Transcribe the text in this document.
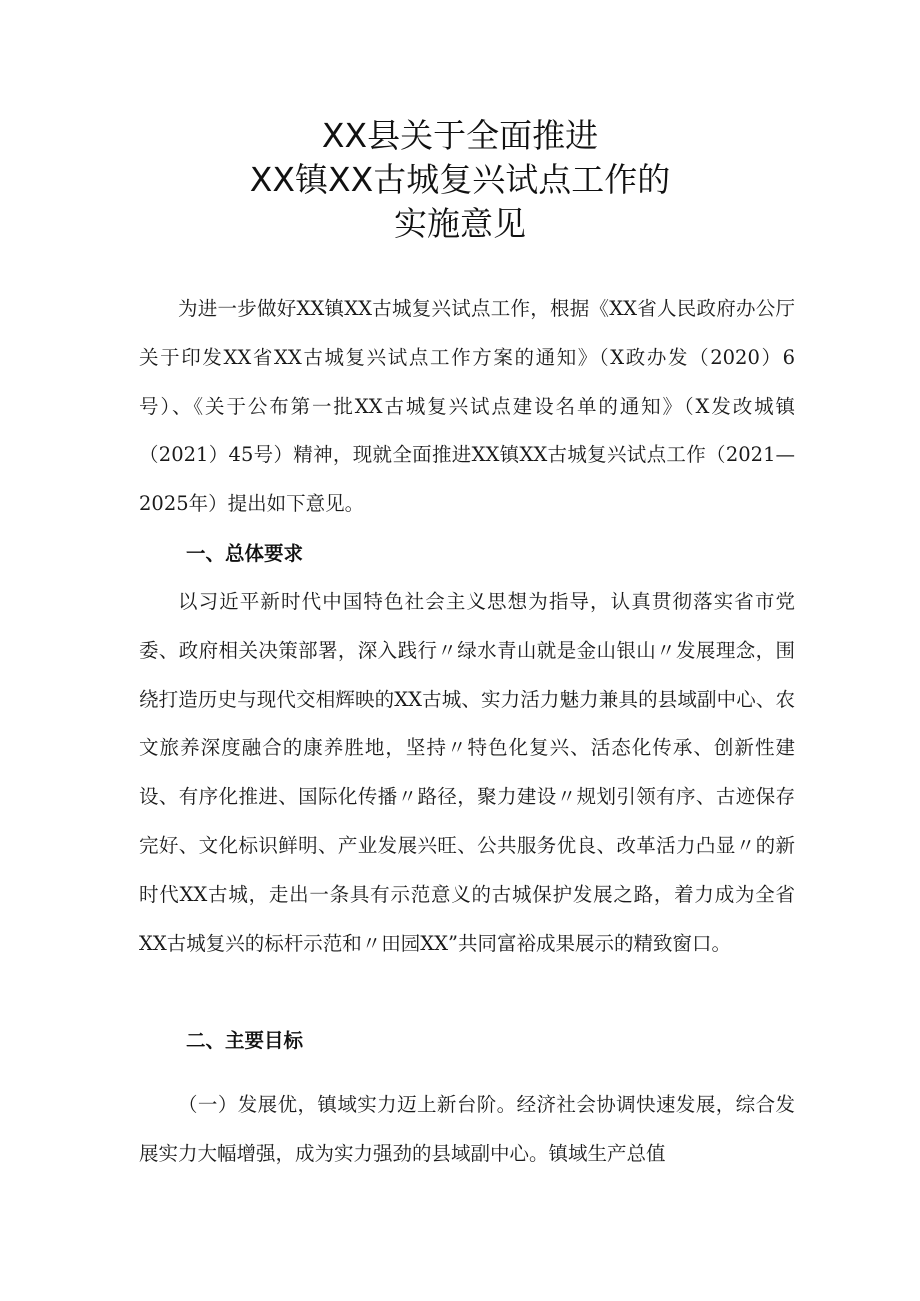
XX县关于全面推进
XX镇XX古城复兴试点工作的
实施意见

为进一步做好XX镇XX古城复兴试点工作，根据《XX省人民政府办公厅关于印发XX省XX古城复兴试点工作方案的通知》（X政办发（2020）6号）、《关于公布第一批XX古城复兴试点建设名单的通知》（X发改城镇（2021）45号）精神，现就全面推进XX镇XX古城复兴试点工作（2021—2025年）提出如下意见。

一、总体要求

以习近平新时代中国特色社会主义思想为指导，认真贯彻落实省市党委、政府相关决策部署，深入践行〃绿水青山就是金山银山〃发展理念，围绕打造历史与现代交相辉映的XX古城、实力活力魅力兼具的县域副中心、农文旅养深度融合的康养胜地，坚持〃特色化复兴、活态化传承、创新性建设、有序化推进、国际化传播〃路径，聚力建设〃规划引领有序、古迹保存完好、文化标识鲜明、产业发展兴旺、公共服务优良、改革活力凸显〃的新时代XX古城，走出一条具有示范意义的古城保护发展之路，着力成为全省XX古城复兴的标杆示范和〃田园XX”共同富裕成果展示的精致窗口。

二、主要目标

（一）发展优，镇域实力迈上新台阶。经济社会协调快速发展，综合发展实力大幅增强，成为实力强劲的县域副中心。镇域生产总值
